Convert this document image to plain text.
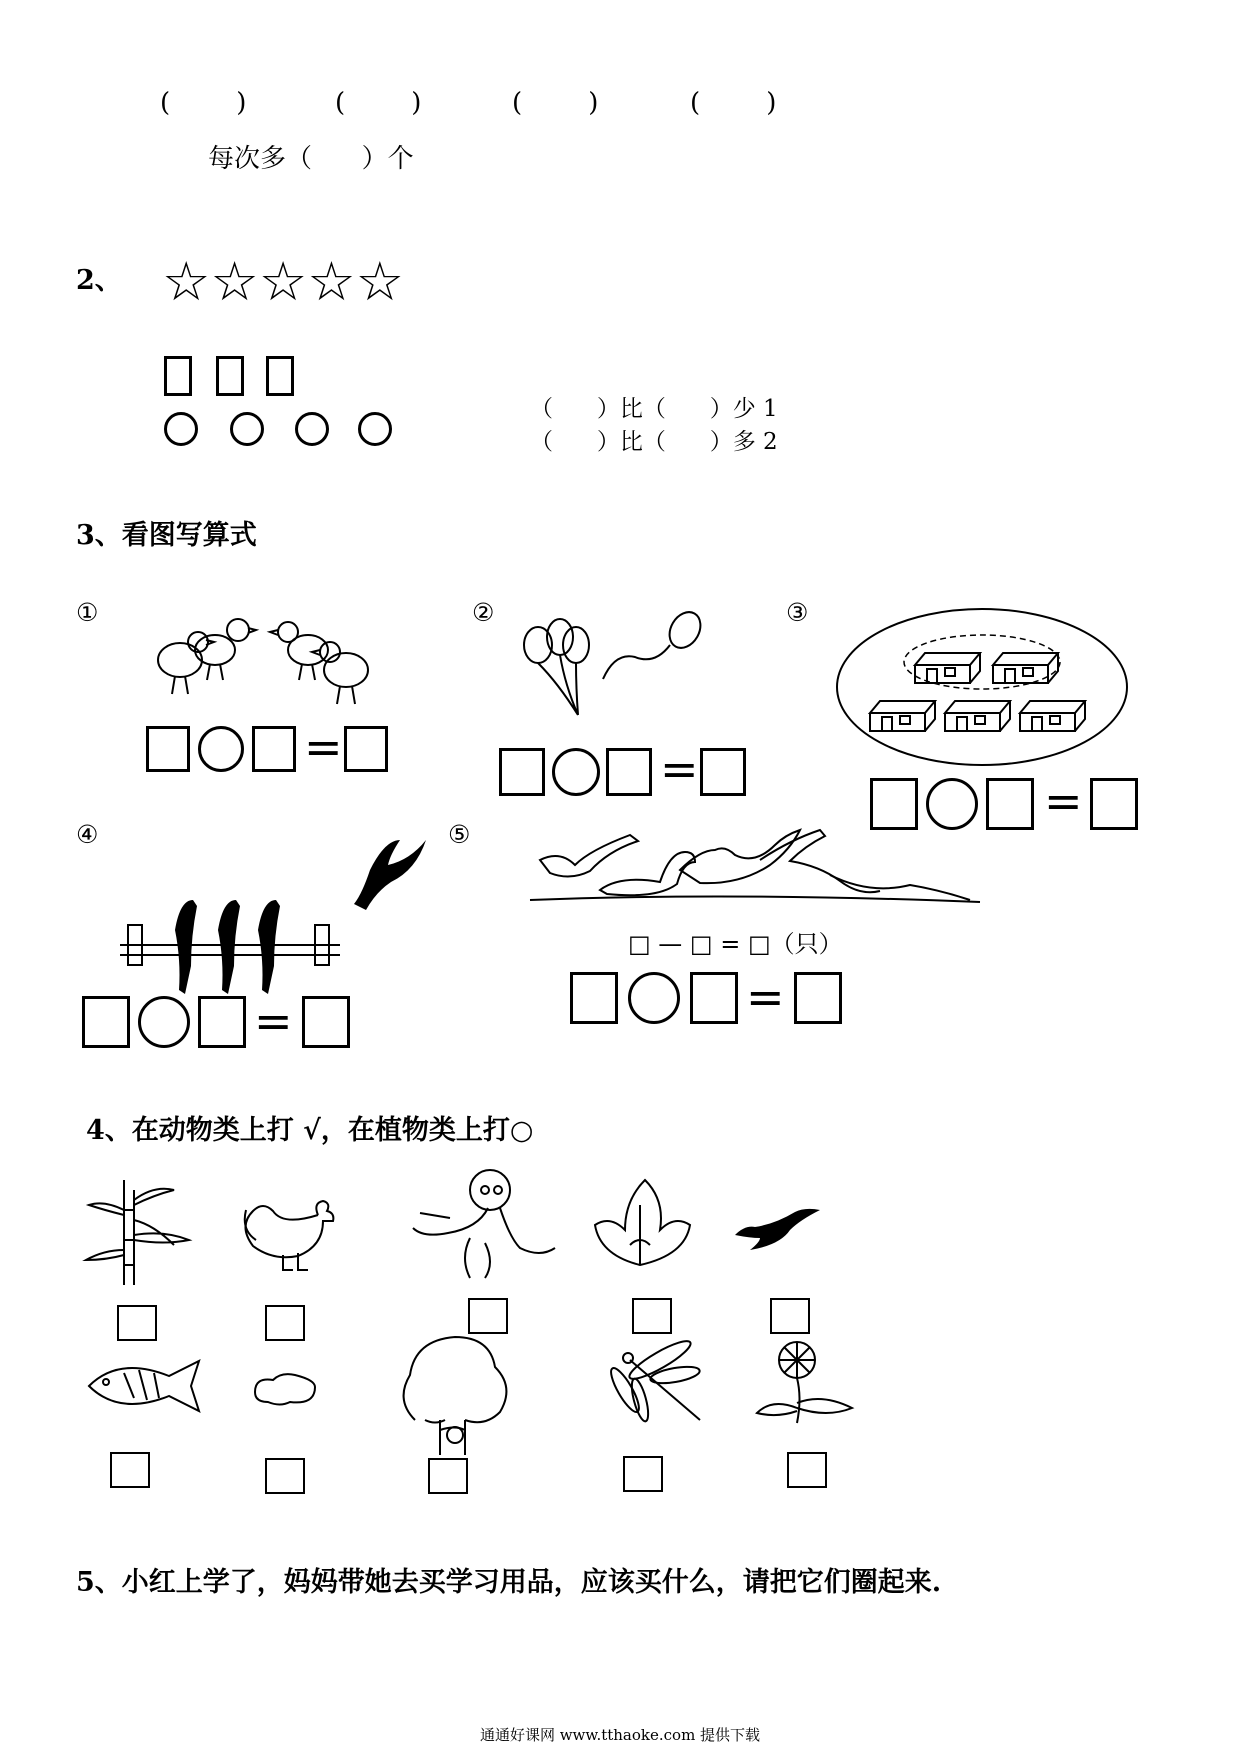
(        )	(        )	(        )	(        )
每次多（      ）个
2、 ☆☆☆☆☆
（      ）比（      ）少 1
（      ）比（      ）多 2
3、看图写算式
①	②	③
④	⑤
=	=
=
=
□ — □ = □（只）
=
4、在动物类上打 √，在植物类上打○
5、小红上学了，妈妈带她去买学习用品，应该买什么，请把它们圈起来.
通通好课网 www.tthaoke.com 提供下载
